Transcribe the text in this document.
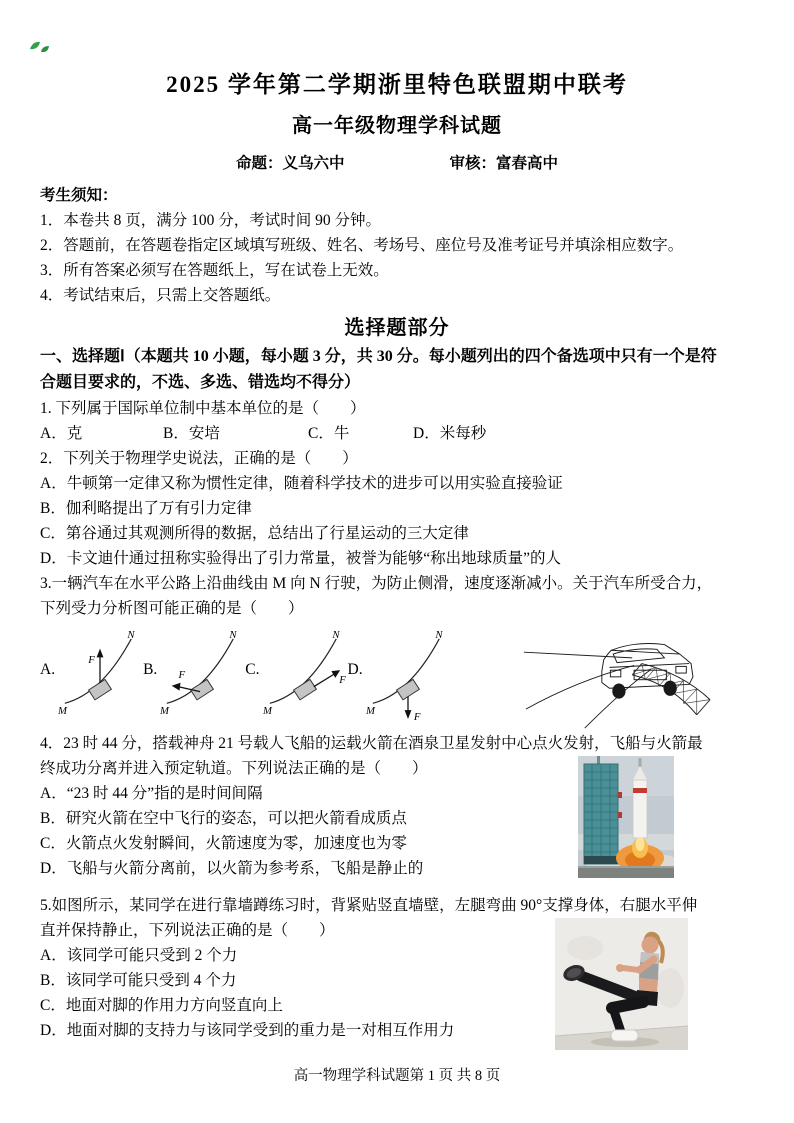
2025 学年第二学期浙里特色联盟期中联考
高一年级物理学科试题
命题：义乌六中	审核：富春高中
考生须知：
1．本卷共 8 页，满分 100 分，考试时间 90 分钟。
2．答题前，在答题卷指定区域填写班级、姓名、考场号、座位号及准考证号并填涂相应数字。
3．所有答案必须写在答题纸上，写在试卷上无效。
4．考试结束后，只需上交答题纸。
选择题部分
一、选择题Ⅰ（本题共 10 小题，每小题 3 分，共 30 分。每小题列出的四个备选项中只有一个是符
合题目要求的，不选、多选、错选均不得分）
1. 下列属于国际单位制中基本单位的是（　　）
A．克	B．安培	C．牛	D．米每秒
2．下列关于物理学史说法，正确的是（　　）
A．牛顿第一定律又称为惯性定律，随着科学技术的进步可以用实验直接验证
B．伽利略提出了万有引力定律
C．第谷通过其观测所得的数据，总结出了行星运动的三大定律
D．卡文迪什通过扭称实验得出了引力常量，被誉为能够“称出地球质量”的人
3.一辆汽车在水平公路上沿曲线由 M 向 N 行驶，为防止侧滑，速度逐渐减小。关于汽车所受合力，
下列受力分析图可能正确的是（　　）
A.
N
M
F
B.
N
M
F	C.
N
M
F
D.
N
M	F
4．23 时 44 分，搭载神舟 21 号载人飞船的运载火箭在酒泉卫星发射中心点火发射，飞船与火箭最
终成功分离并进入预定轨道。下列说法正确的是（　　）
A．“23 时 44 分”指的是时间间隔
B．研究火箭在空中飞行的姿态，可以把火箭看成质点
C．火箭点火发射瞬间，火箭速度为零，加速度也为零
D．飞船与火箭分离前，以火箭为参考系，飞船是静止的
5.如图所示，某同学在进行靠墙蹲练习时，背紧贴竖直墙壁，左腿弯曲 90°支撑身体，右腿水平伸
直并保持静止，下列说法正确的是（　　）
A．该同学可能只受到 2 个力
B．该同学可能只受到 4 个力
C．地面对脚的作用力方向竖直向上
D．地面对脚的支持力与该同学受到的重力是一对相互作用力
高一物理学科试题第 1 页 共 8 页
